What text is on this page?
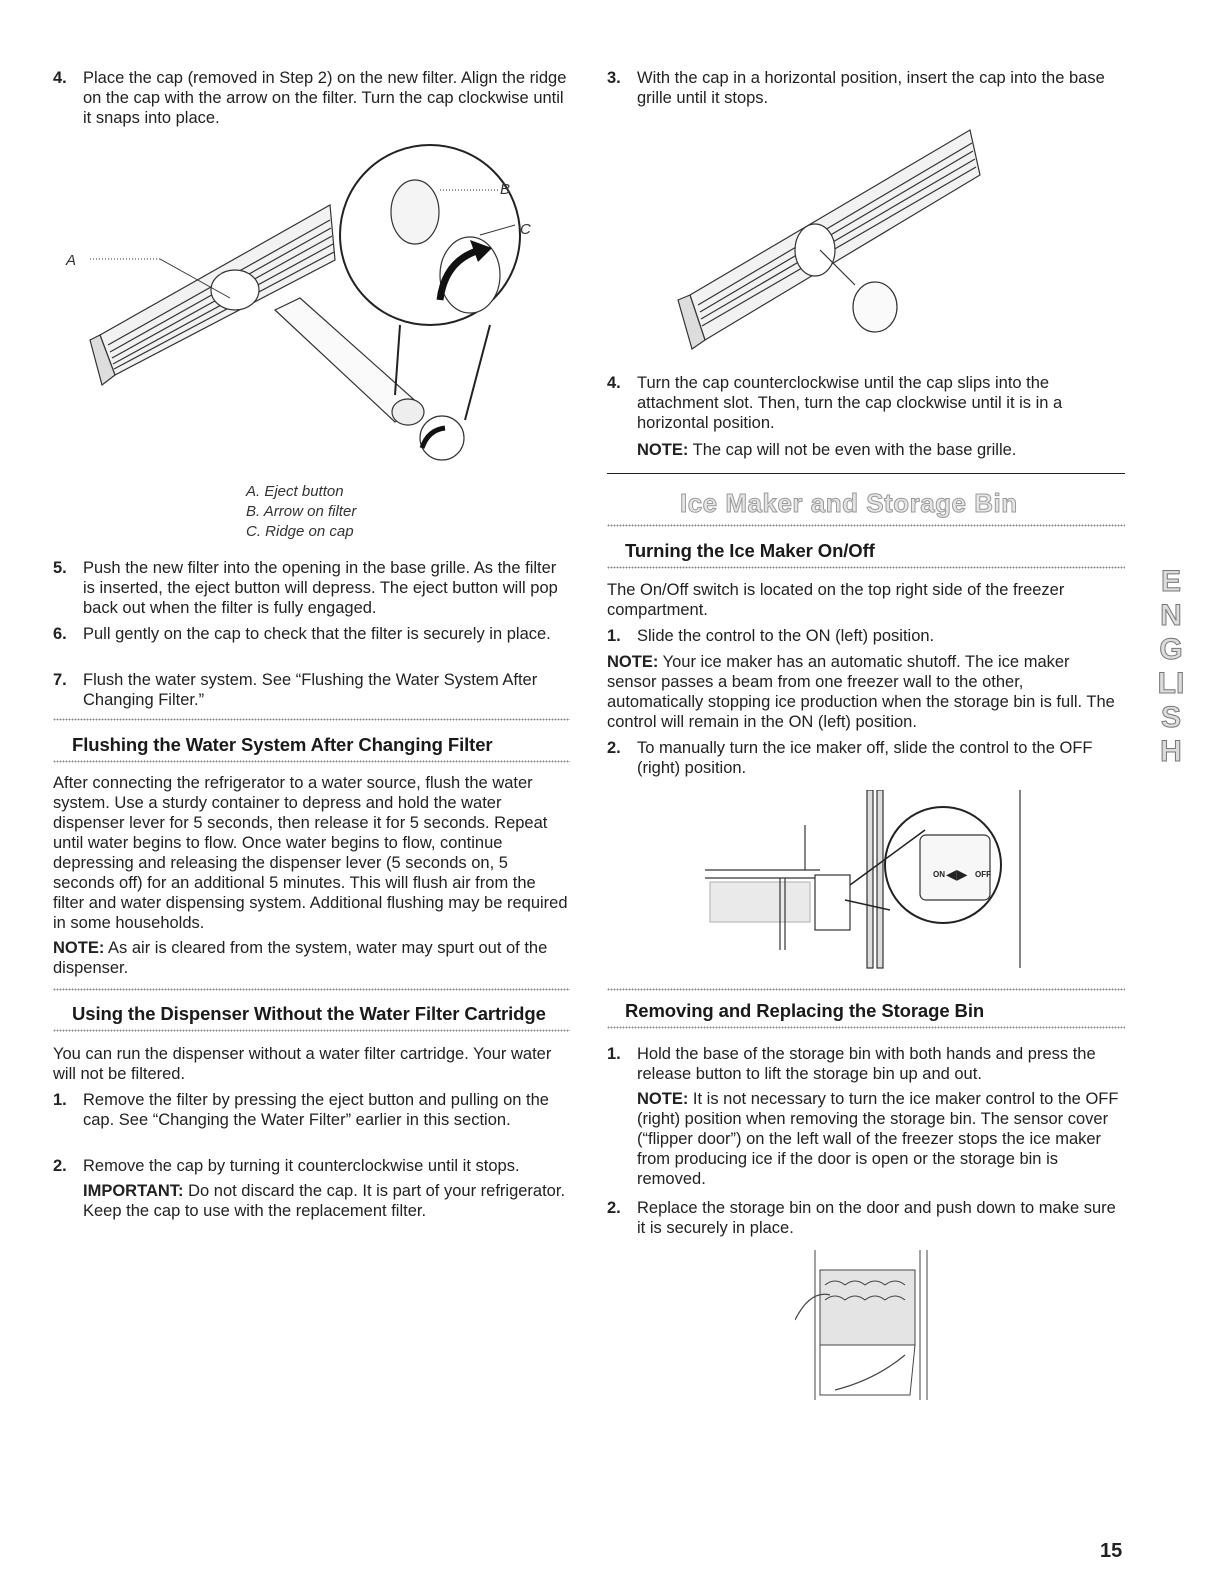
4. Place the cap (removed in Step 2) on the new filter. Align the ridge on the cap with the arrow on the filter. Turn the cap clockwise until it snaps into place.
A
B
C
A. Eject button
B. Arrow on filter
C. Ridge on cap
5. Push the new filter into the opening in the base grille. As the filter is inserted, the eject button will depress. The eject button will pop back out when the filter is fully engaged.
6. Pull gently on the cap to check that the filter is securely in place.
7. Flush the water system. See “Flushing the Water System After Changing Filter.”
Flushing the Water System After Changing Filter
After connecting the refrigerator to a water source, flush the water system. Use a sturdy container to depress and hold the water dispenser lever for 5 seconds, then release it for 5 seconds. Repeat until water begins to flow. Once water begins to flow, continue depressing and releasing the dispenser lever (5 seconds on, 5 seconds off) for an additional 5 minutes. This will flush air from the filter and water dispensing system. Additional flushing may be required in some households.
NOTE: As air is cleared from the system, water may spurt out of the dispenser.
Using the Dispenser Without the Water Filter Cartridge
You can run the dispenser without a water filter cartridge. Your water will not be filtered.
1. Remove the filter by pressing the eject button and pulling on the cap. See “Changing the Water Filter” earlier in this section.
2. Remove the cap by turning it counterclockwise until it stops.
IMPORTANT: Do not discard the cap. It is part of your refrigerator. Keep the cap to use with the replacement filter.
3. With the cap in a horizontal position, insert the cap into the base grille until it stops.
4. Turn the cap counterclockwise until the cap slips into the attachment slot. Then, turn the cap clockwise until it is in a horizontal position.
NOTE: The cap will not be even with the base grille.
Ice Maker and Storage Bin
Turning the Ice Maker On/Off
The On/Off switch is located on the top right side of the freezer compartment.
1. Slide the control to the ON (left) position.
NOTE: Your ice maker has an automatic shutoff. The ice maker sensor passes a beam from one freezer wall to the other, automatically stopping ice production when the storage bin is full. The control will remain in the ON (left) position.
2. To manually turn the ice maker off, slide the control to the OFF (right) position.
ON	OFF
◀▶
Removing and Replacing the Storage Bin
1. Hold the base of the storage bin with both hands and press the release button to lift the storage bin up and out.
NOTE: It is not necessary to turn the ice maker control to the OFF (right) position when removing the storage bin. The sensor cover (“flipper door”) on the left wall of the freezer stops the ice maker from producing ice if the door is open or the storage bin is removed.
2. Replace the storage bin on the door and push down to make sure it is securely in place.
ENGLISH
15
